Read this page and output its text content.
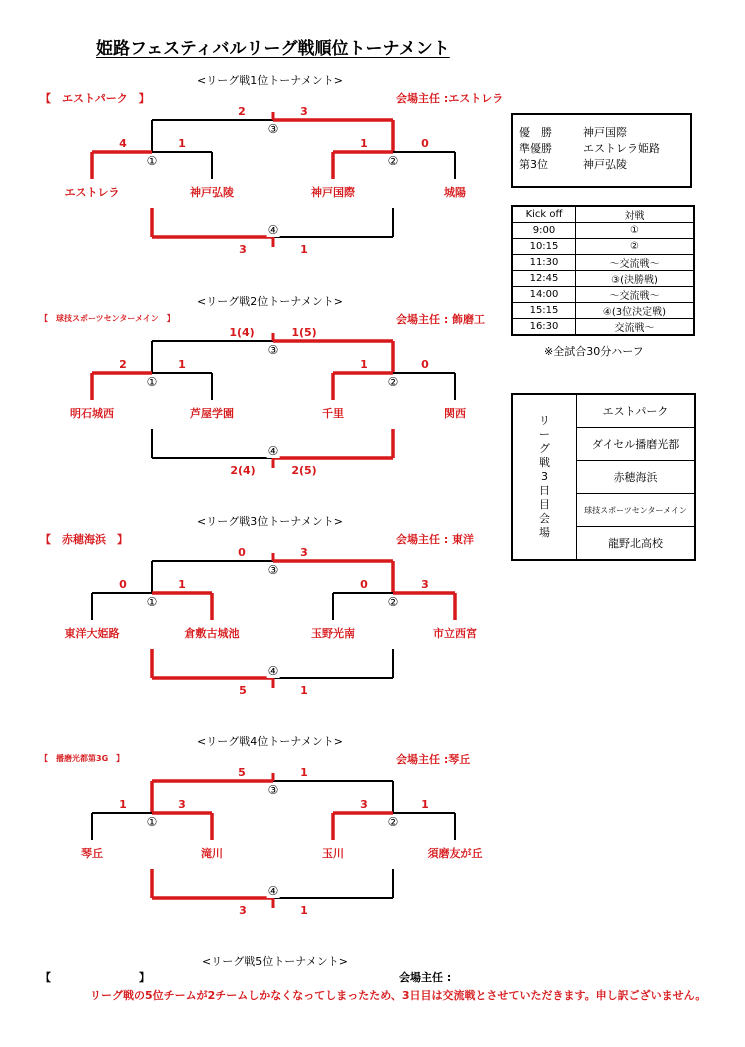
姫路フェスティバルリーグ戦順位トーナメント
<リーグ戦1位トーナメント>
【　エストパーク　】	会場主任 :エストレラ
③
①	②
④
2	3
4	1	1	0
3	1
エストレラ	神戸弘陵	神戸国際	城陽
<リーグ戦2位トーナメント>
【　球技スポーツセンターメイン　】	会場主任 : 飾磨工
③
①	②
④
1(4)	1(5)
2	1	1	0
2(4)	2(5)
明石城西	芦屋学園	千里	関西
<リーグ戦3位トーナメント>
【　赤穂海浜　】	会場主任 : 東洋
③
①	②
④
0	3
0	1	0	3
5	1
東洋大姫路	倉敷古城池	玉野光南	市立西宮
<リーグ戦4位トーナメント>
【　播磨光都第3G　】	会場主任 :琴丘
③
①	②
④
5	1
1	3	3	1
3	1
琴丘	滝川	玉川	須磨友が丘
優　勝	神戸国際
準優勝	エストレラ姫路
第3位	神戸弘陵
Kick off	対戦
9:00	①
10:15	②
11:30	～交流戦～
12:45	③(決勝戦)
14:00	～交流戦～
15:15	④(3位決定戦)
16:30	交流戦～
※全試合30分ハーフ
リ
ー
グ
戦
3
日
目
会
場
エストパーク
ダイセル播磨光都
赤穂海浜
球技スポーツセンターメイン
龍野北高校
<リーグ戦5位トーナメント>
【　　　　　　　　】	会場主任 :
リーグ戦の5位チームが2チームしかなくなってしまったため、3日目は交流戦とさせていただきます。申し訳ございません。
